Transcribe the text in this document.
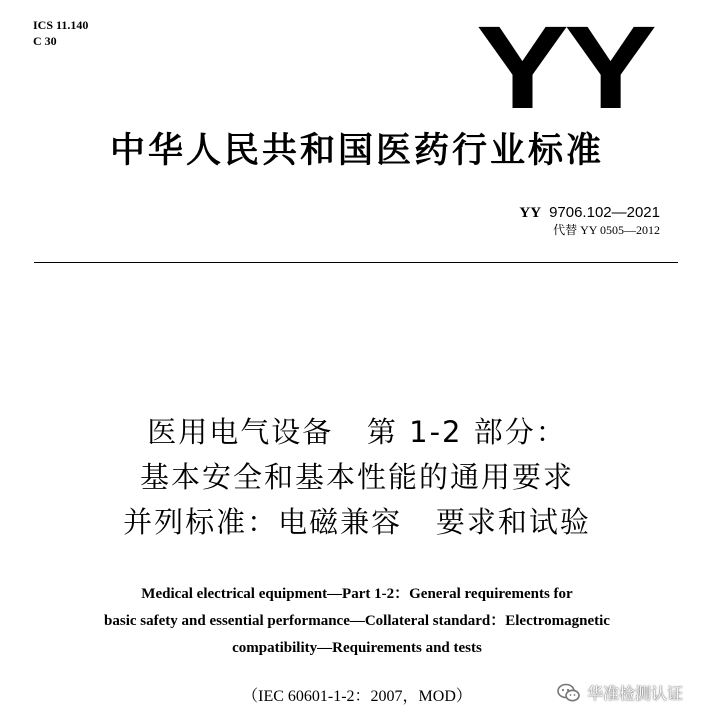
ICS 11.140
C 30	YY
中华人民共和国医药行业标准
YY 9706.102—2021
代替 YY 0505—2012
医用电气设备   第 1-2 部分：
基本安全和基本性能的通用要求
并列标准：电磁兼容   要求和试验
Medical electrical equipment—Part 1-2：General requirements for
basic safety and essential performance—Collateral standard：Electromagnetic
compatibility—Requirements and tests
（IEC 60601-1-2：2007，MOD）	华准检测认证
